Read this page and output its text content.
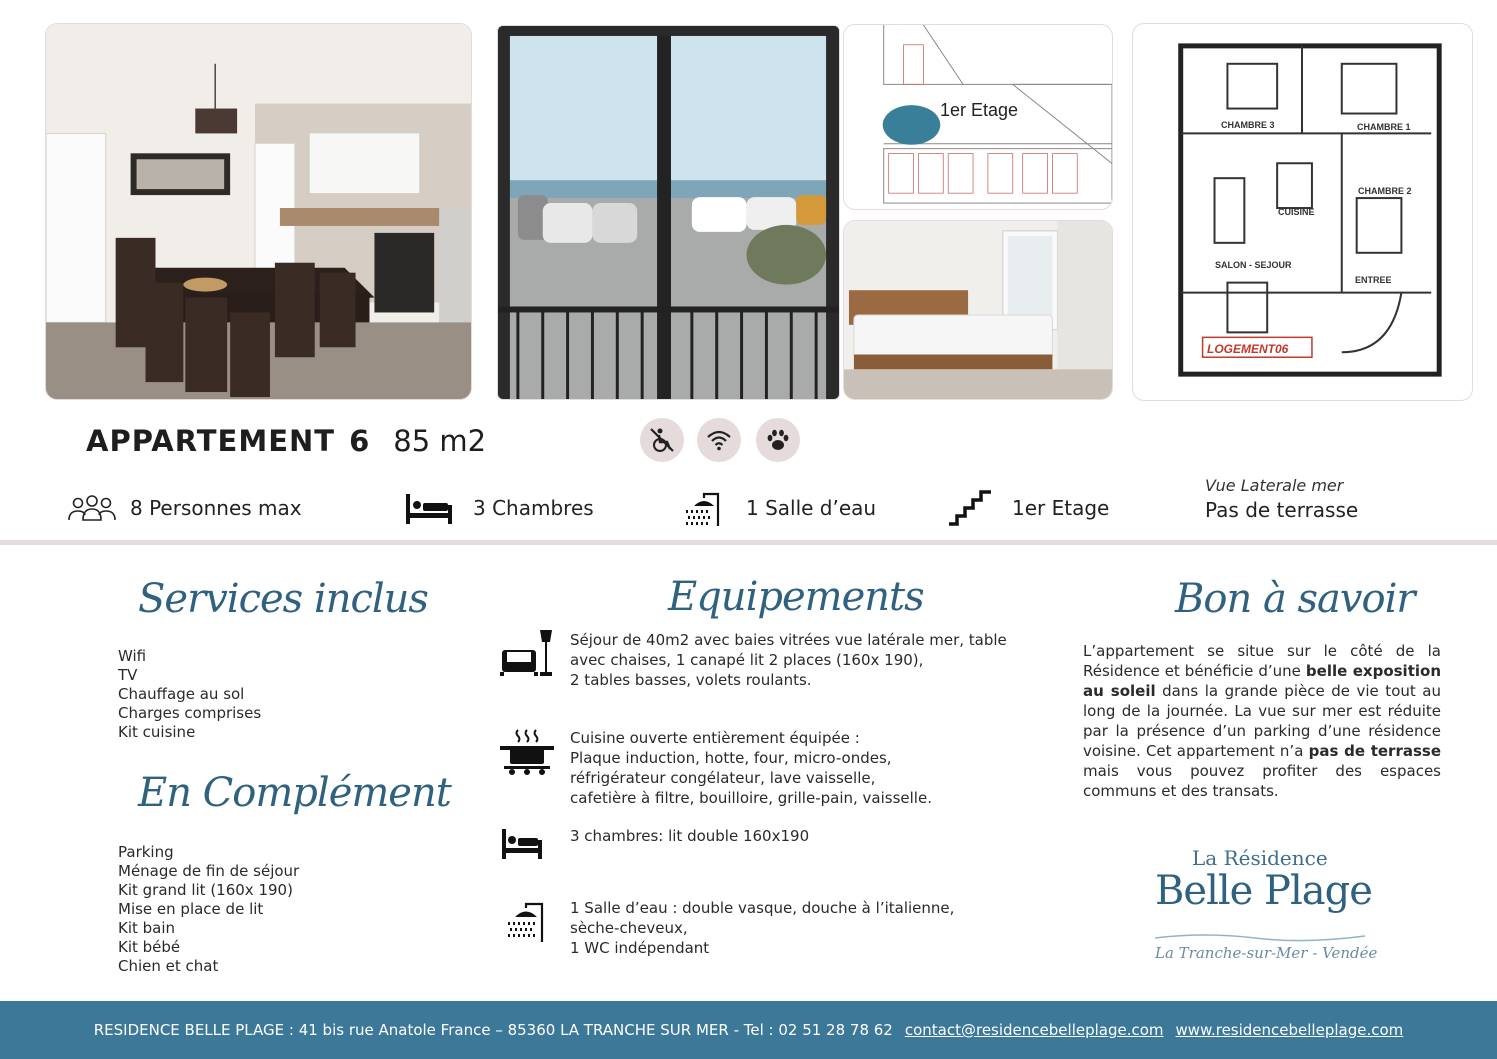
1er Etage
CHAMBRE 3	CHAMBRE 1
CHAMBRE 2
CUISINE
SALON - SEJOUR
ENTREE
LOGEMENT06
APPARTEMENT 6 85 m2
8 Personnes max	3 Chambres	1 Salle d’eau	1er Etage
Vue Laterale mer
Pas de terrasse
Services inclus
Wifi
TV
Chauffage au sol
Charges comprises
Kit cuisine
En Complément
Parking
Ménage de fin de séjour
Kit grand lit (160x 190)
Mise en place de lit
Kit bain
Kit bébé
Chien et chat
Equipements

Séjour de 40m2 avec baies vitrées vue latérale mer, table
avec chaises, 1 canapé lit 2 places (160x 190),
2 tables basses, volets roulants.

Cuisine ouverte entièrement équipée :
Plaque induction, hotte, four, micro-ondes,
réfrigérateur congélateur, lave vaisselle,
cafetière à filtre, bouilloire, grille-pain, vaisselle.

3 chambres: lit double 160x190

1 Salle d’eau : double vasque, douche à l’italienne,
sèche-cheveux,
1 WC indépendant

Bon à savoir
L’appartement se situe sur le côté de la Résidence et bénéficie d’une belle exposition au soleil dans la grande pièce de vie tout au long de la journée. La vue sur mer est réduite par la présence d’un parking d’une résidence voisine. Cet appartement n’a pas de terrasse mais vous pouvez profiter des espaces communs et des transats.
La Résidence
Belle Plage
La Tranche-sur-Mer - Vendée
RESIDENCE BELLE PLAGE : 41 bis rue Anatole France – 85360 LA TRANCHE SUR MER - Tel : 02 51 28 78 62 contact@residencebelleplage.com www.residencebelleplage.com
